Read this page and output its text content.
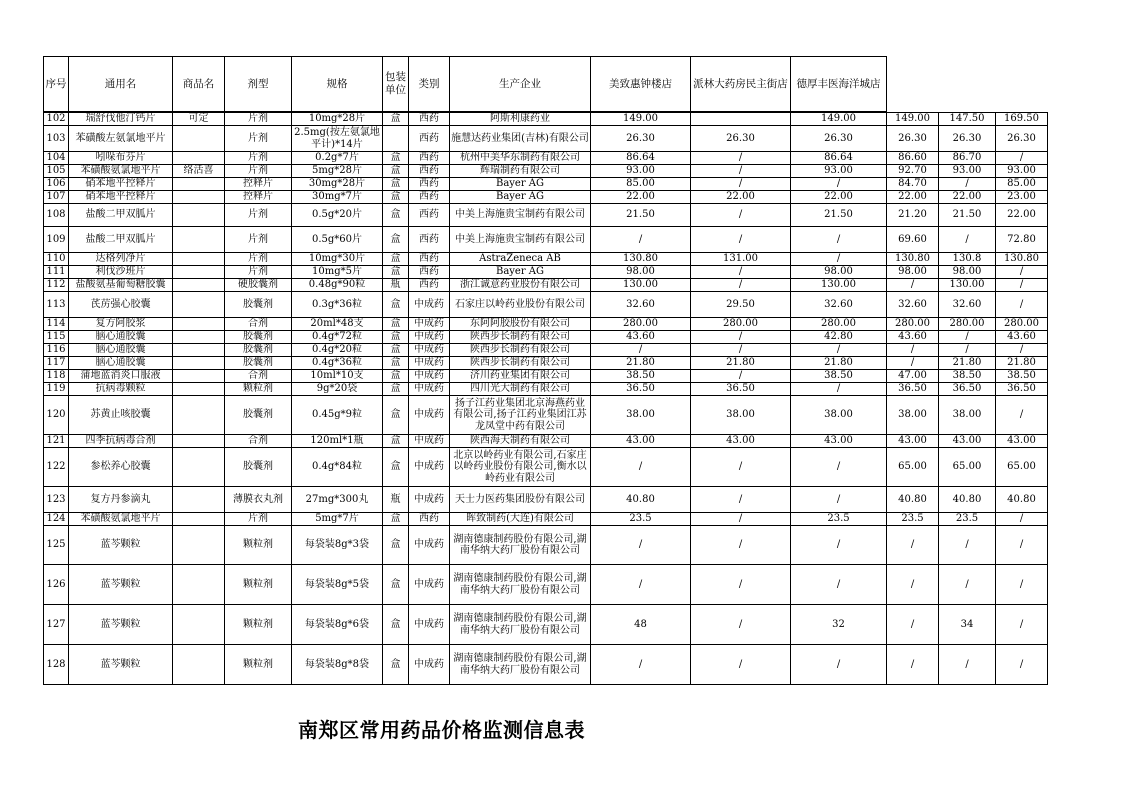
序号	通用名	商品名	剂型	规格	包装单位	类别	生产企业	美致惠钟楼店	派林大药房民主街店	德厚丰医海洋城店
102	瑞舒伐他汀钙片	可定	片剂	10mg*28片	盒	西药	阿斯利康药业	149.00		149.00	149.00	147.50	169.50
103	苯磺酸左氨氯地平片		片剂	2.5mg(按左氨氯地平计)*14片		西药	施慧达药业集团(吉林)有限公司	26.30	26.30	26.30	26.30	26.30	26.30
104	吲哚布芬片		片剂	0.2g*7片	盒	西药	杭州中美华东制药有限公司	86.64	/	86.64	86.60	86.70	/
105	苯磺酸氨氯地平片	络活喜	片剂	5mg*28片	盒	西药	辉瑞制药有限公司	93.00	/	93.00	92.70	93.00	93.00
106	硝苯地平控释片		控释片	30mg*28片	盒	西药	Bayer AG	85.00	/	/	84.70	/	85.00
107	硝苯地平控释片		控释片	30mg*7片	盒	西药	Bayer AG	22.00	22.00	22.00	22.00	22.00	23.00
108	盐酸二甲双胍片		片剂	0.5g*20片	盒	西药	中美上海施贵宝制药有限公司	21.50	/	21.50	21.20	21.50	22.00
109	盐酸二甲双胍片		片剂	0.5g*60片	盒	西药	中美上海施贵宝制药有限公司	/	/	/	69.60	/	72.80
110	达格列净片		片剂	10mg*30片	盒	西药	AstraZeneca AB	130.80	131.00	/	130.80	130.8	130.80
111	利伐沙班片		片剂	10mg*5片	盒	西药	Bayer AG	98.00	/	98.00	98.00	98.00	/
112	盐酸氨基葡萄糖胶囊		硬胶囊剂	0.48g*90粒	瓶	西药	浙江诚意药业股份有限公司	130.00	/	130.00	/	130.00	/
113	芪苈强心胶囊		胶囊剂	0.3g*36粒	盒	中成药	石家庄以岭药业股份有限公司	32.60	29.50	32.60	32.60	32.60	/
114	复方阿胶浆		合剂	20ml*48支	盒	中成药	东阿阿胶股份有限公司	280.00	280.00	280.00	280.00	280.00	280.00
115	脑心通胶囊		胶囊剂	0.4g*72粒	盒	中成药	陕西步长制药有限公司	43.60	/	42.80	43.60	/	43.60
116	脑心通胶囊		胶囊剂	0.4g*20粒	盒	中成药	陕西步长制药有限公司	/	/	/	/	/	/
117	脑心通胶囊		胶囊剂	0.4g*36粒	盒	中成药	陕西步长制药有限公司	21.80	21.80	21.80	/	21.80	21.80
118	蒲地蓝消炎口服液		合剂	10ml*10支	盒	中成药	济川药业集团有限公司	38.50	/	38.50	47.00	38.50	38.50
119	抗病毒颗粒		颗粒剂	9g*20袋	盒	中成药	四川光大制药有限公司	36.50	36.50	/	36.50	36.50	36.50
120	苏黄止咳胶囊		胶囊剂	0.45g*9粒	盒	中成药	扬子江药业集团北京海燕药业有限公司,扬子江药业集团江苏龙凤堂中药有限公司	38.00	38.00	38.00	38.00	38.00	/
121	四季抗病毒合剂		合剂	120ml*1瓶	盒	中成药	陕西海天制药有限公司	43.00	43.00	43.00	43.00	43.00	43.00
122	参松养心胶囊		胶囊剂	0.4g*84粒	盒	中成药	北京以岭药业有限公司,石家庄以岭药业股份有限公司,衡水以岭药业有限公司	/	/	/	65.00	65.00	65.00
123	复方丹参滴丸		薄膜衣丸剂	27mg*300丸	瓶	中成药	天士力医药集团股份有限公司	40.80	/	/	40.80	40.80	40.80
124	苯磺酸氨氯地平片		片剂	5mg*7片	盒	西药	晖致制药(大连)有限公司	23.5	/	23.5	23.5	23.5	/
125	蓝芩颗粒		颗粒剂	每袋装8g*3袋	盒	中成药	湖南德康制药股份有限公司,湖南华纳大药厂股份有限公司	/	/	/	/	/	/
126	蓝芩颗粒		颗粒剂	每袋装8g*5袋	盒	中成药	湖南德康制药股份有限公司,湖南华纳大药厂股份有限公司	/	/	/	/	/	/
127	蓝芩颗粒		颗粒剂	每袋装8g*6袋	盒	中成药	湖南德康制药股份有限公司,湖南华纳大药厂股份有限公司	48	/	32	/	34	/
128	蓝芩颗粒		颗粒剂	每袋装8g*8袋	盒	中成药	湖南德康制药股份有限公司,湖南华纳大药厂股份有限公司	/	/	/	/	/	/
南郑区常用药品价格监测信息表
